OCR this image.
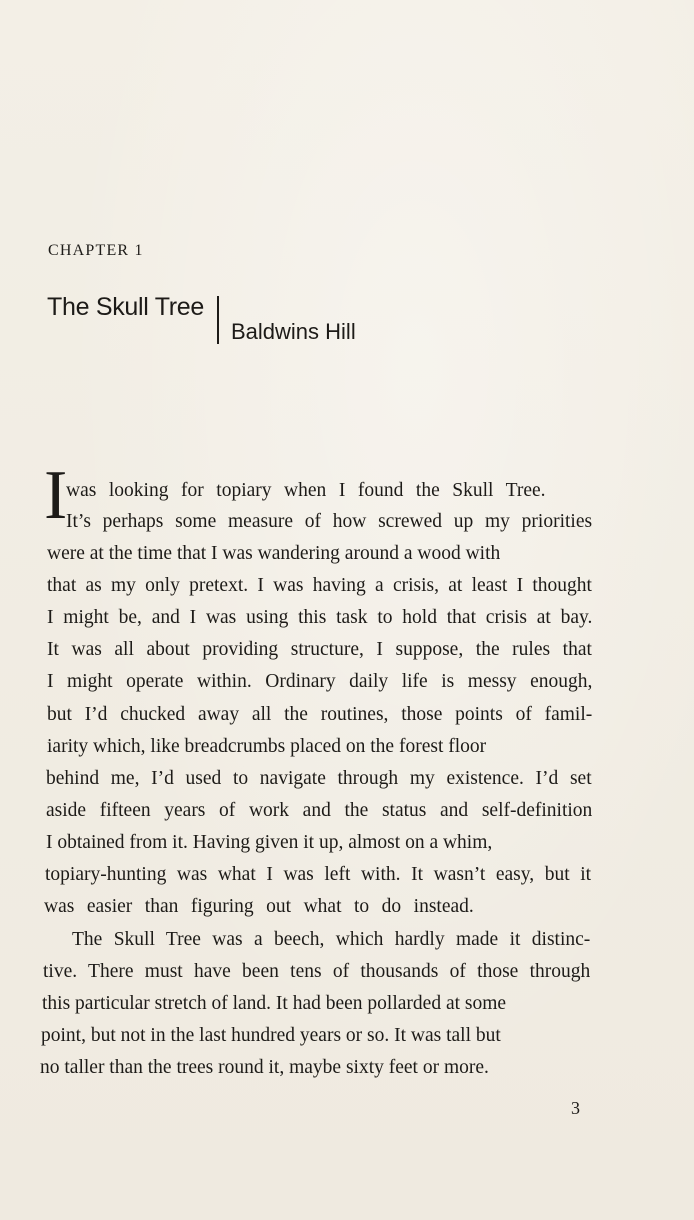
CHAPTER 1
The Skull Tree
Baldwins Hill
I
was looking for topiary when I found the Skull Tree.
It’s perhaps some measure of how screwed up my priorities
were at the time that I was wandering around a wood with
that as my only pretext. I was having a crisis, at least I thought
I might be, and I was using this task to hold that crisis at bay.
It was all about providing structure, I suppose, the rules that
I might operate within. Ordinary daily life is messy enough,
but I’d chucked away all the routines, those points of famil-
iarity which, like breadcrumbs placed on the forest floor
behind me, I’d used to navigate through my existence. I’d set
aside fifteen years of work and the status and self-definition
I obtained from it. Having given it up, almost on a whim,
topiary-hunting was what I was left with. It wasn’t easy, but it
was easier than figuring out what to do instead.
The Skull Tree was a beech, which hardly made it distinc-
tive. There must have been tens of thousands of those through
this particular stretch of land. It had been pollarded at some
point, but not in the last hundred years or so. It was tall but
no taller than the trees round it, maybe sixty feet or more.
3
